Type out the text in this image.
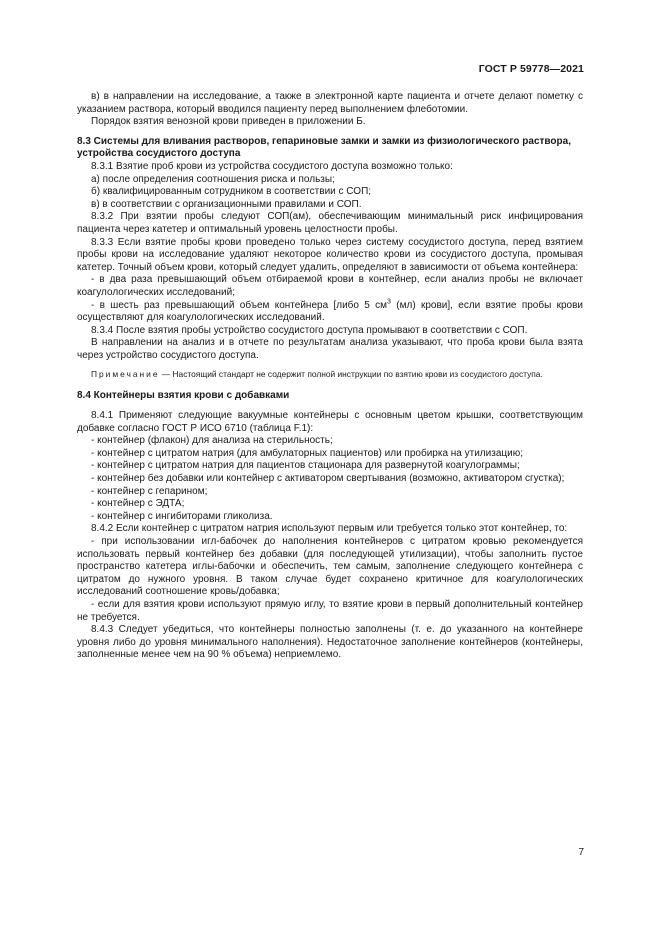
ГОСТ Р 59778—2021

в) в направлении на исследование, а также в электронной карте пациента и отчете делают пометку с указанием раствора, который вводился пациенту перед выполнением флеботомии.

Порядок взятия венозной крови приведен в приложении Б.

8.3 Системы для вливания растворов, гепариновые замки и замки из физиологического раствора, устройства сосудистого доступа

8.3.1 Взятие проб крови из устройства сосудистого доступа возможно только:

а) после определения соотношения риска и пользы;

б) квалифицированным сотрудником в соответствии с СОП;

в) в соответствии с организационными правилами и СОП.

8.3.2 При взятии пробы следуют СОП(ам), обеспечивающим минимальный риск инфицирования пациента через катетер и оптимальный уровень целостности пробы.

8.3.3 Если взятие пробы крови проведено только через систему сосудистого доступа, перед взятием пробы крови на исследование удаляют некоторое количество крови из сосудистого доступа, промывая катетер. Точный объем крови, который следует удалить, определяют в зависимости от объема контейнера:

- в два раза превышающий объем отбираемой крови в контейнер, если анализ пробы не включает коагулологических исследований;

- в шесть раз превышающий объем контейнера [либо 5 $см^3$ (мл) крови], если взятие пробы крови осуществляют для коагулологических исследований.

8.3.4 После взятия пробы устройство сосудистого доступа промывают в соответствии с СОП.

В направлении на анализ и в отчете по результатам анализа указывают, что проба крови была взята через устройство сосудистого доступа.

Примечание — Настоящий стандарт не содержит полной инструкции по взятию крови из сосудистого доступа.

8.4 Контейнеры взятия крови с добавками

8.4.1 Применяют следующие вакуумные контейнеры с основным цветом крышки, соответствующим добавке согласно ГОСТ Р ИСО 6710 (таблица F.1):

- контейнер (флакон) для анализа на стерильность;

- контейнер с цитратом натрия (для амбулаторных пациентов) или пробирка на утилизацию;

- контейнер с цитратом натрия для пациентов стационара для развернутой коагулограммы;

- контейнер без добавки или контейнер с активатором свертывания (возможно, активатором сгустка);

- контейнер с гепарином;

- контейнер с ЭДТА;

- контейнер с ингибиторами гликолиза.

8.4.2 Если контейнер с цитратом натрия используют первым или требуется только этот контейнер, то:

- при использовании игл-бабочек до наполнения контейнеров с цитратом кровью рекомендуется использовать первый контейнер без добавки (для последующей утилизации), чтобы заполнить пустое пространство катетера иглы-бабочки и обеспечить, тем самым, заполнение следующего контейнера с цитратом до нужного уровня. В таком случае будет сохранено критичное для коагулологических исследований соотношение кровь/добавка;

- если для взятия крови используют прямую иглу, то взятие крови в первый дополнительный контейнер не требуется.

8.4.3 Следует убедиться, что контейнеры полностью заполнены (т. е. до указанного на контейнере уровня либо до уровня минимального наполнения). Недостаточное заполнение контейнеров (контейнеры, заполненные менее чем на 90 % объема) неприемлемо.

7
